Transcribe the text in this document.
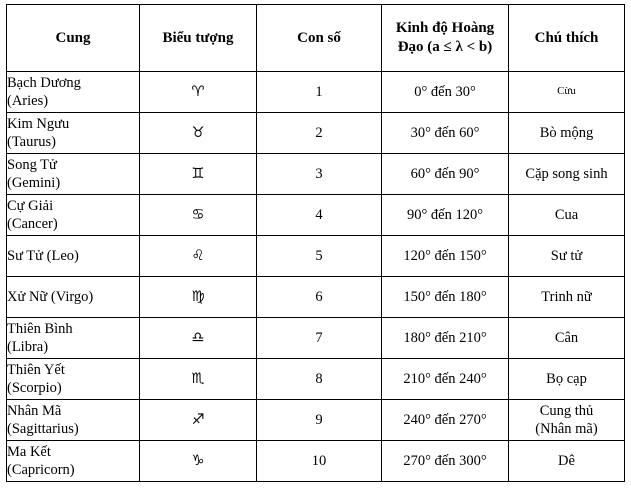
Cung	Biểu tượng	Con số	Kinh độ Hoàng Đạo (a ≤ λ < b)	Chú thích

Bạch Dương
(Aries)	♈	1	0° đến 30°	Cừu

Kim Ngưu
(Taurus)	♉	2	30° đến 60°	Bò mộng

Song Tử
(Gemini)	♊	3	60° đến 90°	Cặp song sinh

Cự Giải
(Cancer)	♋	4	90° đến 120°	Cua

Sư Tử (Leo)	♌	5	120° đến 150°	Sư tử

Xử Nữ (Virgo)	♍	6	150° đến 180°	Trinh nữ

Thiên Bình
(Libra)	♎	7	180° đến 210°	Cân

Thiên Yết
(Scorpio)	♏	8	210° đến 240°	Bọ cạp

Nhân Mã
(Sagittarius)	♐	9	240° đến 270°	Cung thủ
(Nhân mã)

Ma Kết
(Capricorn)	♑	10	270° đến 300°	Dê
